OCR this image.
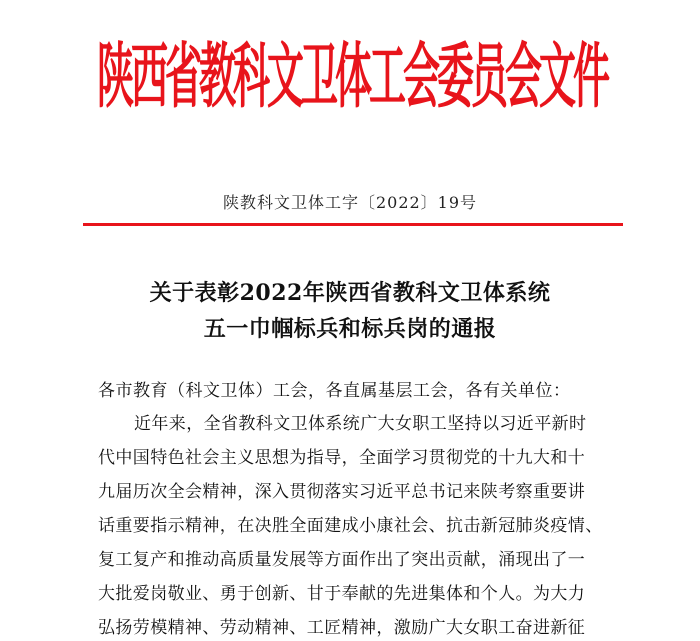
陕西省教科文卫体工会委员会文件
陕教科文卫体工字〔2022〕19号
关于表彰2022年陕西省教科文卫体系统
五一巾帼标兵和标兵岗的通报
各市教育（科文卫体）工会，各直属基层工会，各有关单位：
近年来，全省教科文卫体系统广大女职工坚持以习近平新时
代中国特色社会主义思想为指导，全面学习贯彻党的十九大和十
九届历次全会精神，深入贯彻落实习近平总书记来陕考察重要讲
话重要指示精神，在决胜全面建成小康社会、抗击新冠肺炎疫情、
复工复产和推动高质量发展等方面作出了突出贡献，涌现出了一
大批爱岗敬业、勇于创新、甘于奉献的先进集体和个人。为大力
弘扬劳模精神、劳动精神、工匠精神，激励广大女职工奋进新征
